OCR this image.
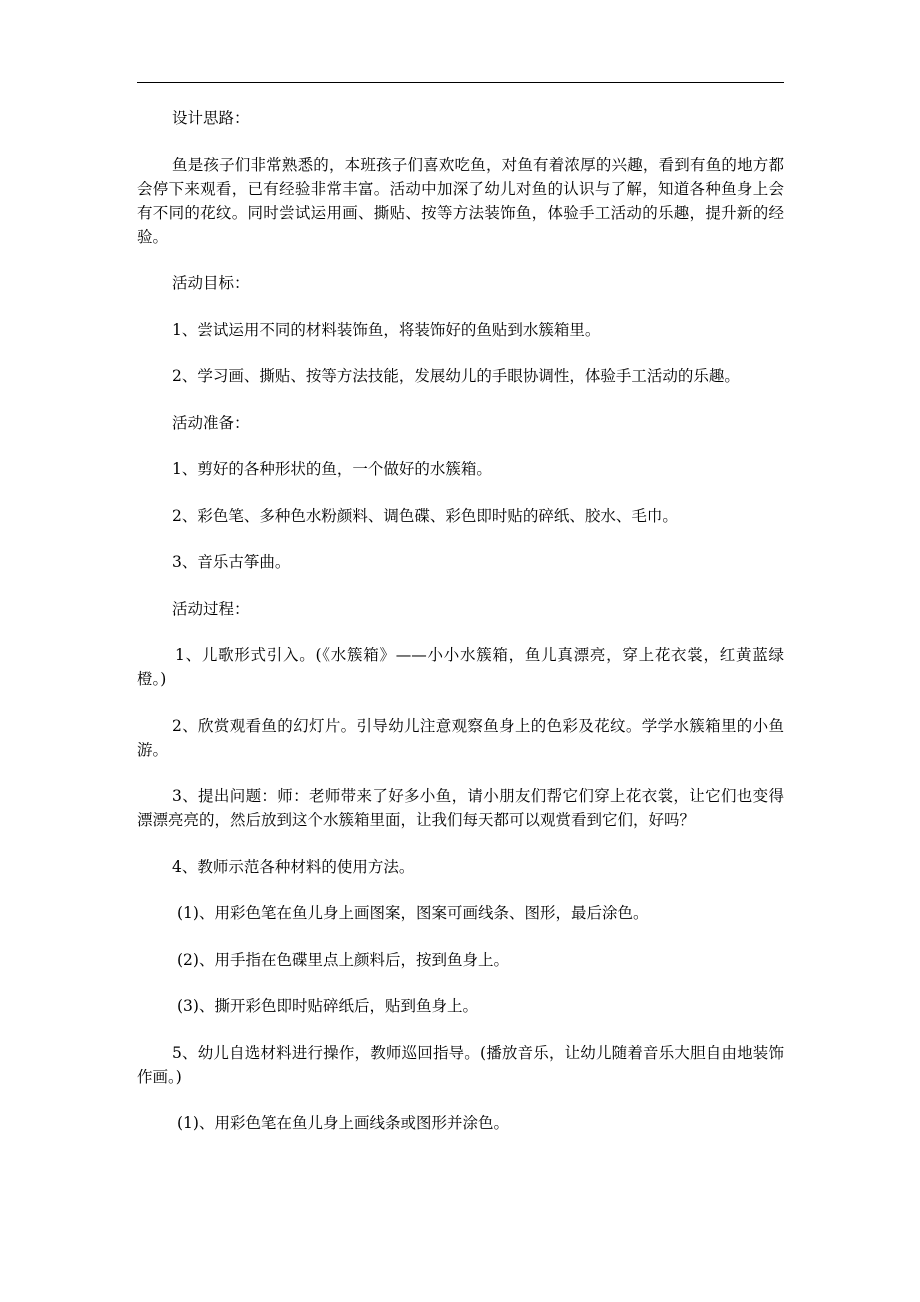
设计思路：

鱼是孩子们非常熟悉的，本班孩子们喜欢吃鱼，对鱼有着浓厚的兴趣，看到有鱼的地方都会停下来观看，已有经验非常丰富。活动中加深了幼儿对鱼的认识与了解，知道各种鱼身上会有不同的花纹。同时尝试运用画、撕贴、按等方法装饰鱼，体验手工活动的乐趣，提升新的经验。

活动目标：

1、尝试运用不同的材料装饰鱼，将装饰好的鱼贴到水簇箱里。

2、学习画、撕贴、按等方法技能，发展幼儿的手眼协调性，体验手工活动的乐趣。

活动准备：

1、剪好的各种形状的鱼，一个做好的水簇箱。

2、彩色笔、多种色水粉颜料、调色碟、彩色即时贴的碎纸、胶水、毛巾。

3、音乐古筝曲。

活动过程：

1、儿歌形式引入。(《水簇箱》——小小水簇箱，鱼儿真漂亮，穿上花衣裳，红黄蓝绿橙。)

2、欣赏观看鱼的幻灯片。引导幼儿注意观察鱼身上的色彩及花纹。学学水簇箱里的小鱼游。

3、提出问题：师：老师带来了好多小鱼，请小朋友们帮它们穿上花衣裳，让它们也变得漂漂亮亮的，然后放到这个水簇箱里面，让我们每天都可以观赏看到它们，好吗？

4、教师示范各种材料的使用方法。

(1)、用彩色笔在鱼儿身上画图案，图案可画线条、图形，最后涂色。

(2)、用手指在色碟里点上颜料后，按到鱼身上。

(3)、撕开彩色即时贴碎纸后，贴到鱼身上。

5、幼儿自选材料进行操作，教师巡回指导。(播放音乐，让幼儿随着音乐大胆自由地装饰作画。)

(1)、用彩色笔在鱼儿身上画线条或图形并涂色。
